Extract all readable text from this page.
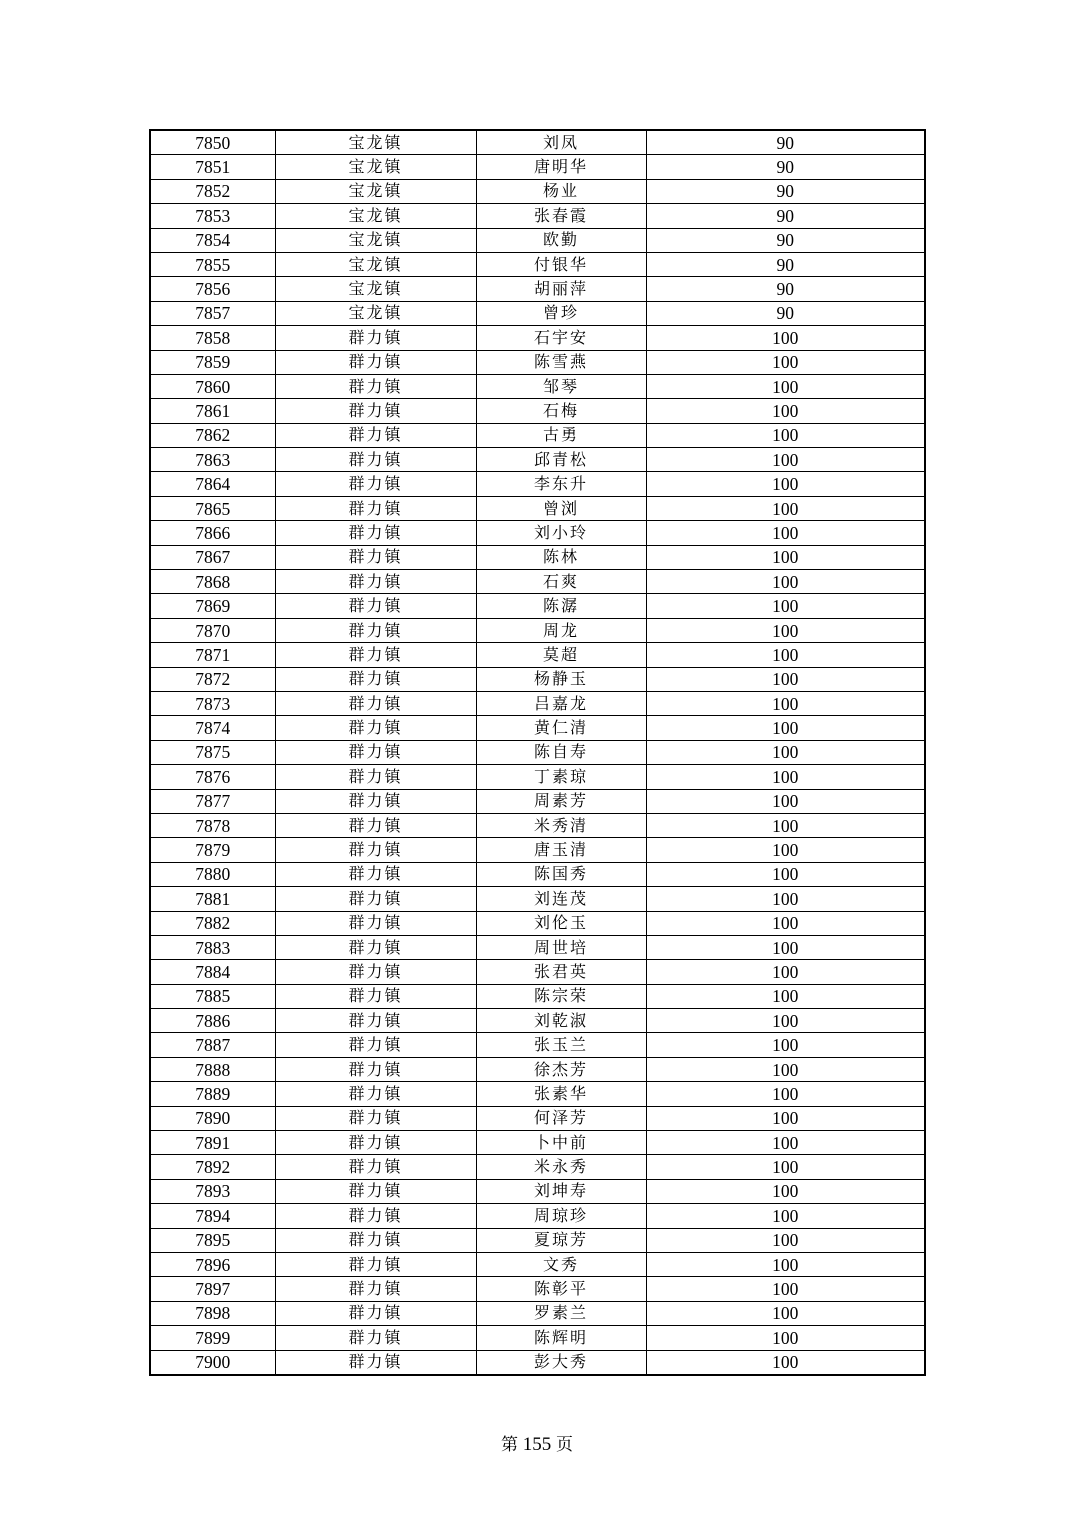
7850	宝龙镇	刘凤	90
7851	宝龙镇	唐明华	90
7852	宝龙镇	杨业	90
7853	宝龙镇	张春霞	90
7854	宝龙镇	欧勤	90
7855	宝龙镇	付银华	90
7856	宝龙镇	胡丽萍	90
7857	宝龙镇	曾珍	90
7858	群力镇	石宇安	100
7859	群力镇	陈雪燕	100
7860	群力镇	邹琴	100
7861	群力镇	石梅	100
7862	群力镇	古勇	100
7863	群力镇	邱青松	100
7864	群力镇	李东升	100
7865	群力镇	曾浏	100
7866	群力镇	刘小玲	100
7867	群力镇	陈林	100
7868	群力镇	石爽	100
7869	群力镇	陈潺	100
7870	群力镇	周龙	100
7871	群力镇	莫超	100
7872	群力镇	杨静玉	100
7873	群力镇	吕嘉龙	100
7874	群力镇	黄仁清	100
7875	群力镇	陈自寿	100
7876	群力镇	丁素琼	100
7877	群力镇	周素芳	100
7878	群力镇	米秀清	100
7879	群力镇	唐玉清	100
7880	群力镇	陈国秀	100
7881	群力镇	刘连茂	100
7882	群力镇	刘伦玉	100
7883	群力镇	周世培	100
7884	群力镇	张君英	100
7885	群力镇	陈宗荣	100
7886	群力镇	刘乾淑	100
7887	群力镇	张玉兰	100
7888	群力镇	徐杰芳	100
7889	群力镇	张素华	100
7890	群力镇	何泽芳	100
7891	群力镇	卜中前	100
7892	群力镇	米永秀	100
7893	群力镇	刘坤寿	100
7894	群力镇	周琼珍	100
7895	群力镇	夏琼芳	100
7896	群力镇	文秀	100
7897	群力镇	陈彰平	100
7898	群力镇	罗素兰	100
7899	群力镇	陈辉明	100
7900	群力镇	彭大秀	100
第 155 页
